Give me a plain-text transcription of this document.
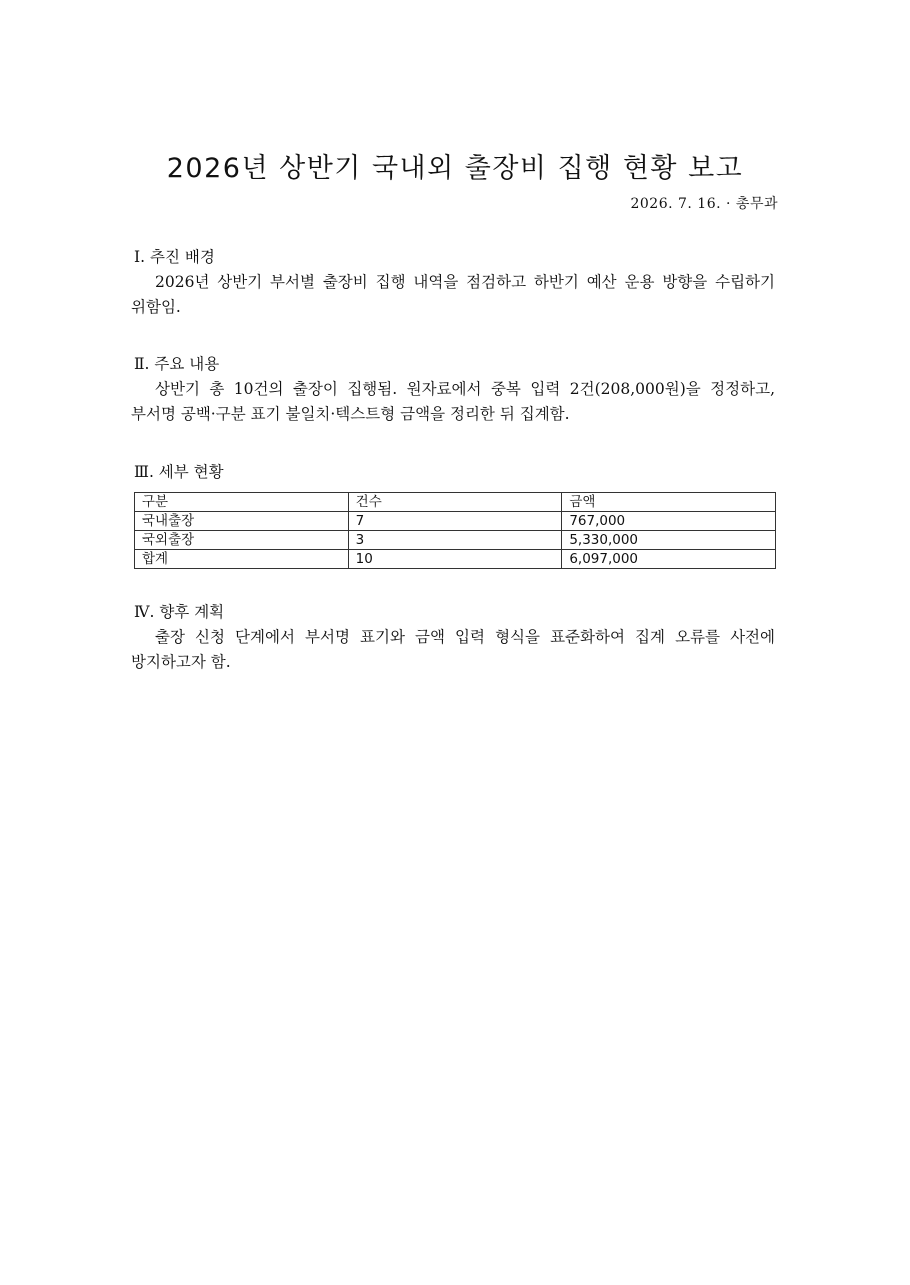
2026년 상반기 국내외 출장비 집행 현황 보고
2026. 7. 16. · 총무과
Ⅰ. 추진 배경
2026년 상반기 부서별 출장비 집행 내역을 점검하고 하반기 예산 운용 방향을 수립하기 위함임.
Ⅱ. 주요 내용
상반기 총 10건의 출장이 집행됨. 원자료에서 중복 입력 2건(208,000원)을 정정하고, 부서명 공백·구분 표기 불일치·텍스트형 금액을 정리한 뒤 집계함.
Ⅲ. 세부 현황
구분	건수	금액
국내출장	7	767,000
국외출장	3	5,330,000
합계	10	6,097,000
Ⅳ. 향후 계획
출장 신청 단계에서 부서명 표기와 금액 입력 형식을 표준화하여 집계 오류를 사전에 방지하고자 함.
